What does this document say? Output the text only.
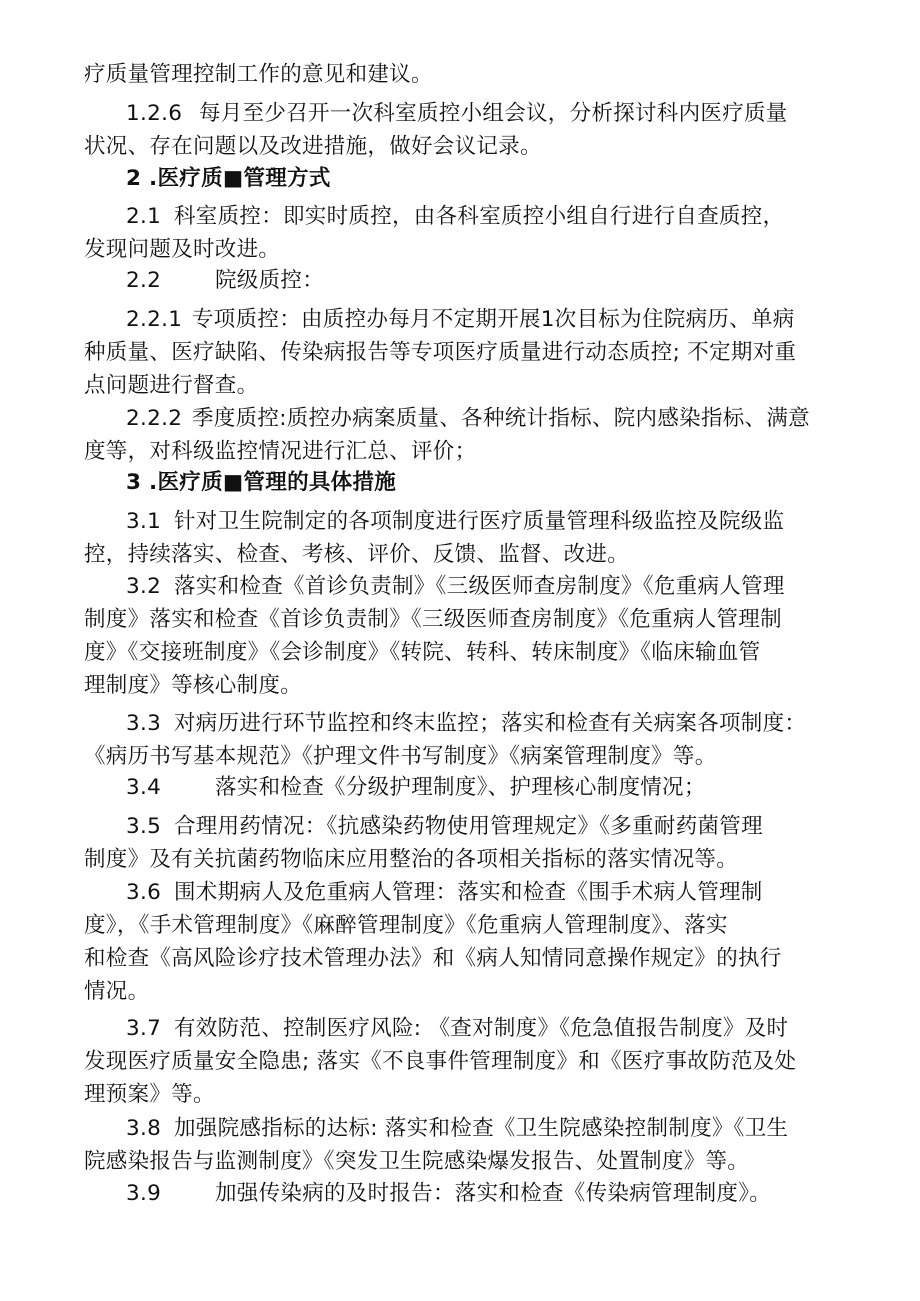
疗质量管理控制工作的意见和建议。

1.2.6 每月至少召开一次科室质控小组会议，分析探讨科内医疗质量
状况、存在问题以及改进措施，做好会议记录。

2 .医疗质■管理方式

2.1 科室质控：即实时质控，由各科室质控小组自行进行自查质控，
发现问题及时改进。

2.2	院级质控：

2.2.1 专项质控：由质控办每月不定期开展1次目标为住院病历、单病
种质量、医疗缺陷、传染病报告等专项医疗质量进行动态质控; 不定期对重
点问题进行督查。

2.2.2 季度质控:质控办病案质量、各种统计指标、院内感染指标、满意
度等，对科级监控情况进行汇总、评价；

3 .医疗质■管理的具体措施

3.1 针对卫生院制定的各项制度进行医疗质量管理科级监控及院级监
控，持续落实、检查、考核、评价、反馈、监督、改进。

3.2 落实和检查《首诊负责制》《三级医师查房制度》《危重病人管理
制度》落实和检查《首诊负责制》《三级医师查房制度》《危重病人管理制
度》《交接班制度》《会诊制度》《转院、转科、转床制度》《临床输血管
理制度》等核心制度。

3.3 对病历进行环节监控和终末监控；落实和检查有关病案各项制度：
《病历书写基本规范》《护理文件书写制度》《病案管理制度》等。

3.4	落实和检查《分级护理制度》、护理核心制度情况；

3.5 合理用药情况：《抗感染药物使用管理规定》《多重耐药菌管理
制度》及有关抗菌药物临床应用整治的各项相关指标的落实情况等。

3.6 围术期病人及危重病人管理：落实和检查《围手术病人管理制
度》，《手术管理制度》《麻醉管理制度》《危重病人管理制度》、落实
和检查《高风险诊疗技术管理办法》和《病人知情同意操作规定》的执行
情况。

3.7 有效防范、控制医疗风险: 《查对制度》《危急值报告制度》及时
发现医疗质量安全隐患; 落实《不良事件管理制度》和《医疗事故防范及处
理预案》等。

3.8 加强院感指标的达标: 落实和检查《卫生院感染控制制度》《卫生
院感染报告与监测制度》《突发卫生院感染爆发报告、处置制度》等。

3.9	加强传染病的及时报告：落实和检查《传染病管理制度》。
